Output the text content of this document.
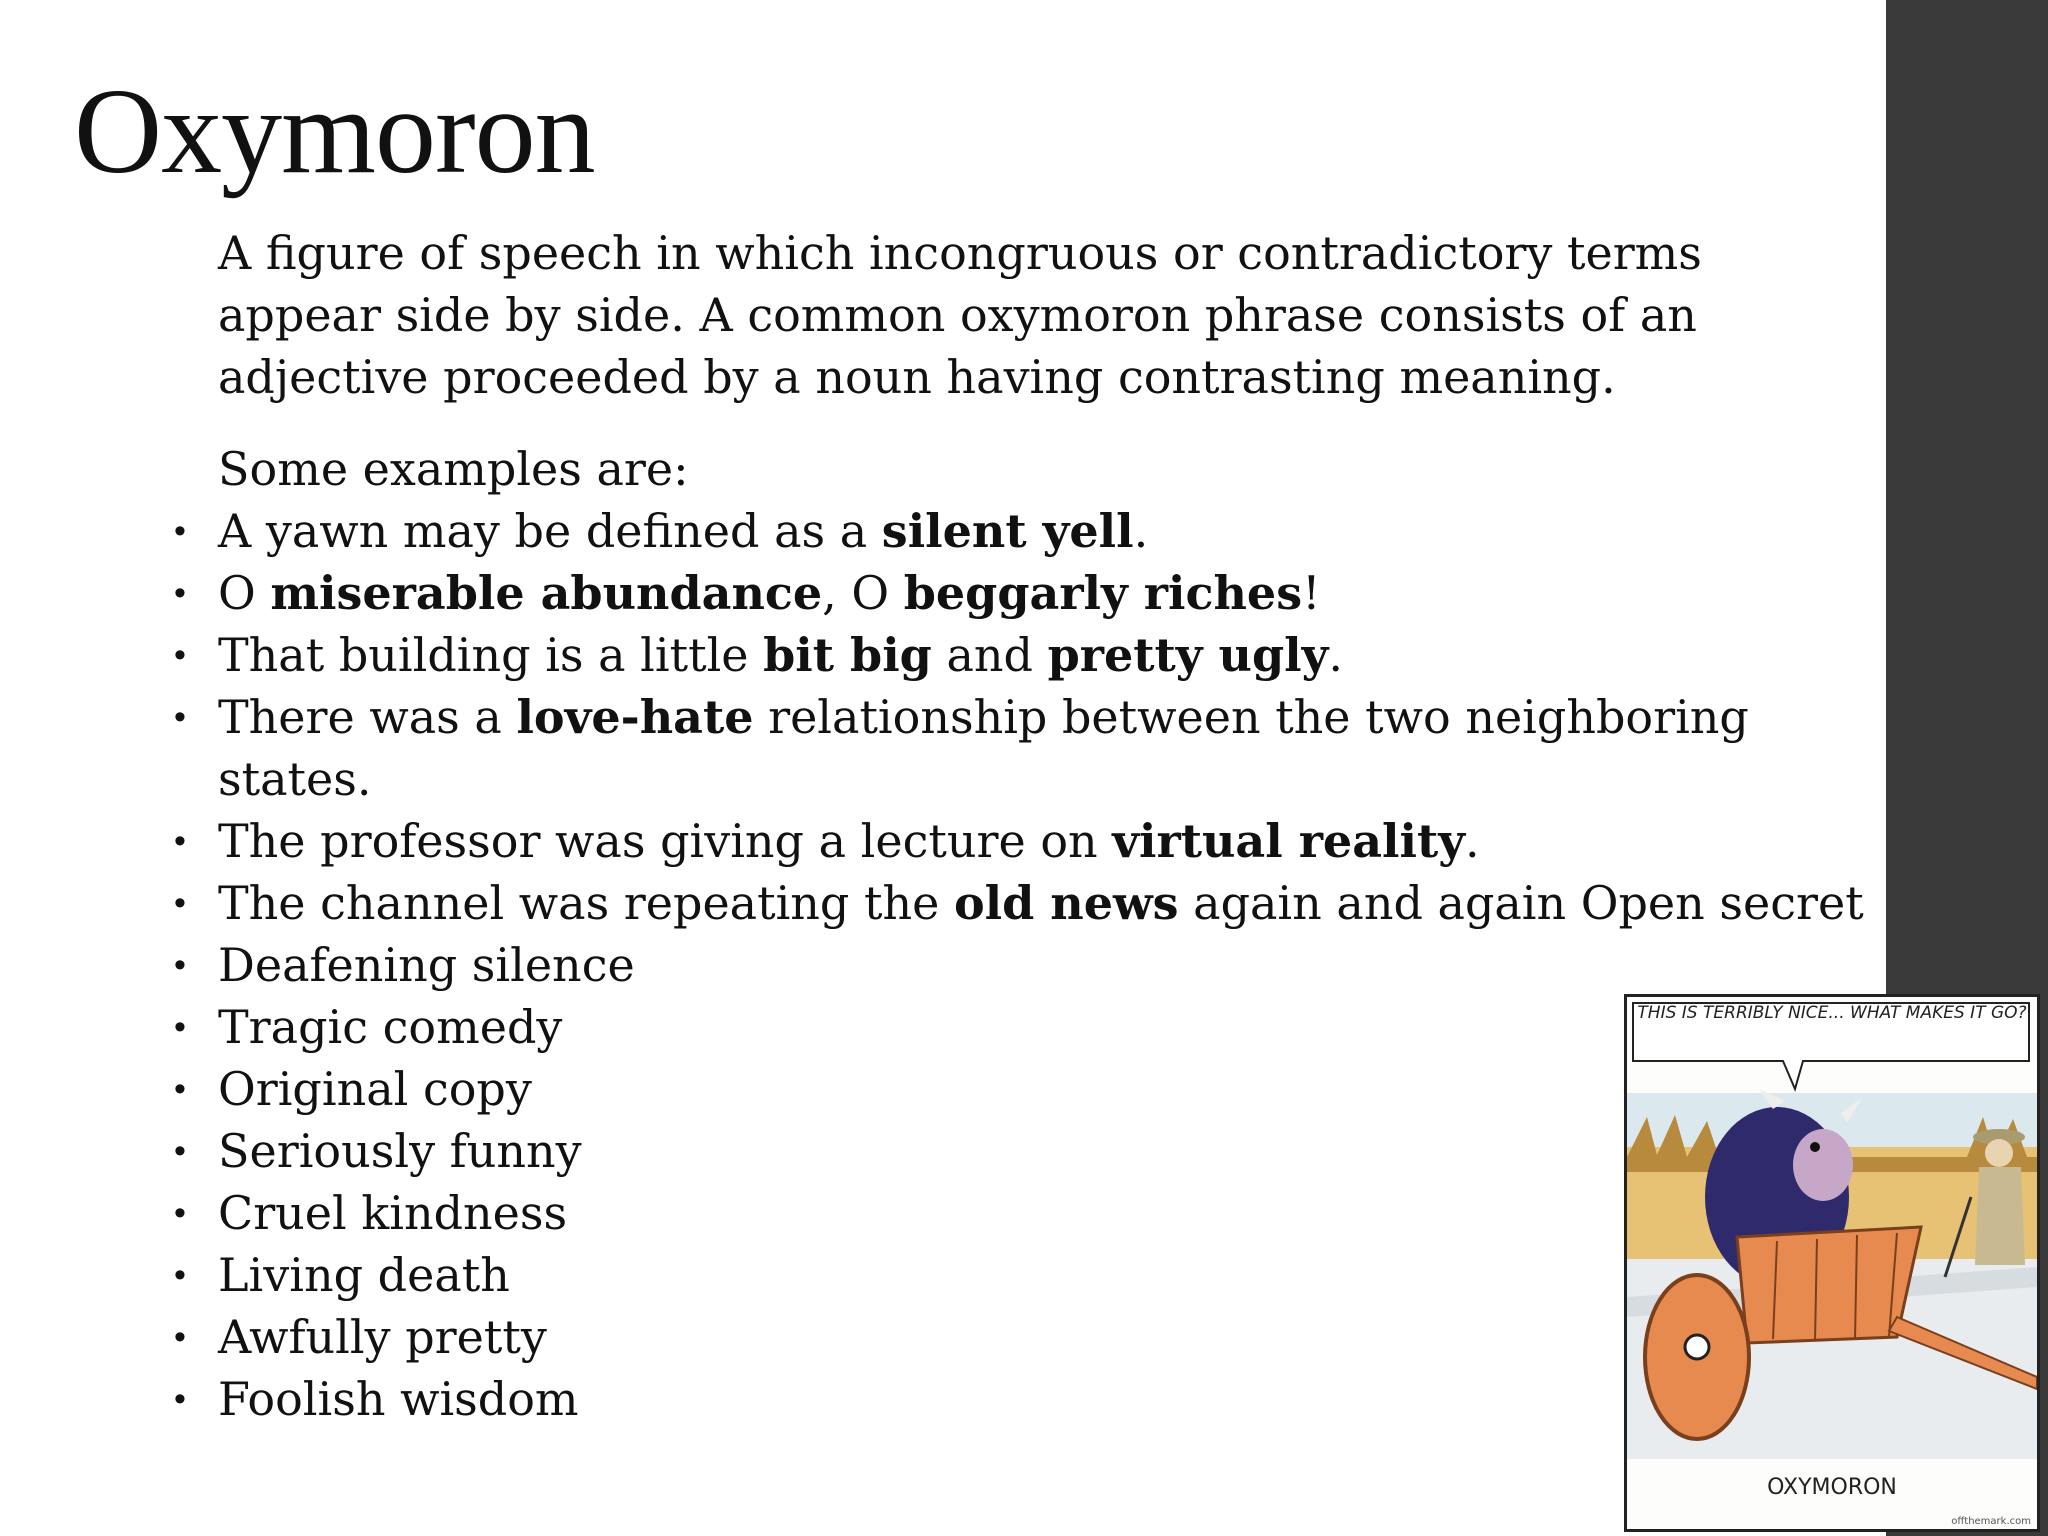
Oxymoron

A figure of speech in which incongruous or contradictory terms appear side by side. A common oxymoron phrase consists of an adjective proceeded by a noun having contrasting meaning.

Some examples are:

• A yawn may be defined as a silent yell.
• O miserable abundance, O beggarly riches!
• That building is a little bit big and pretty ugly.
• There was a love-hate relationship between the two neighboring states.
• The professor was giving a lecture on virtual reality.
• The channel was repeating the old news again and again Open secret
• Deafening silence
• Tragic comedy
• Original copy
• Seriously funny
• Cruel kindness
• Living death
• Awfully pretty
• Foolish wisdom
THIS IS TERRIBLY NICE... WHAT MAKES IT GO?
OXYMORON
offthemark.com
